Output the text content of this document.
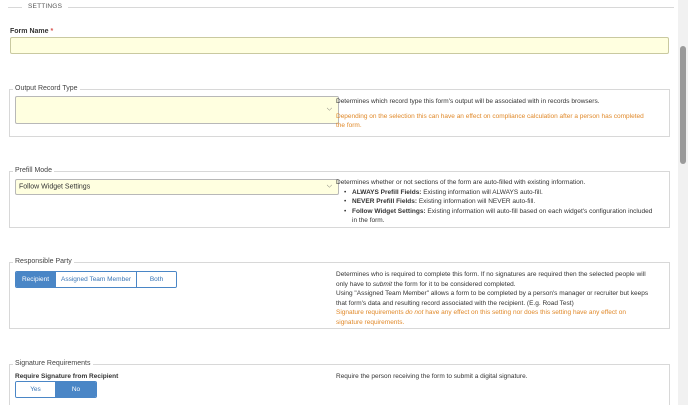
SETTINGS
Form Name *
Output Record Type
⌵
Determines which record type this form's output will be associated with in records browsers.
Depending on the selection this can have an effect on compliance calculation after a person has completed the form.
Prefill Mode
Follow Widget Settings	⌵
Determines whether or not sections of the form are auto-filled with existing information.
• ALWAYS Prefill Fields: Existing information will ALWAYS auto-fill.
• NEVER Prefill Fields: Existing information will NEVER auto-fill.
• Follow Widget Settings: Existing information will auto-fill based on each widget's configuration included in the form.
Responsible Party
Recipient	Assigned Team Member	Both
Determines who is required to complete this form. If no signatures are required then the selected people will only have to submit the form for it to be considered completed.
Using "Assigned Team Member" allows a form to be completed by a person's manager or recruiter but keeps that form's data and resulting record associated with the recipient. (E.g. Road Test)
Signature requirements do not have any effect on this setting nor does this setting have any effect on signature requirements.
Signature Requirements
Require Signature from Recipient
Yes	No
Require the person receiving the form to submit a digital signature.
